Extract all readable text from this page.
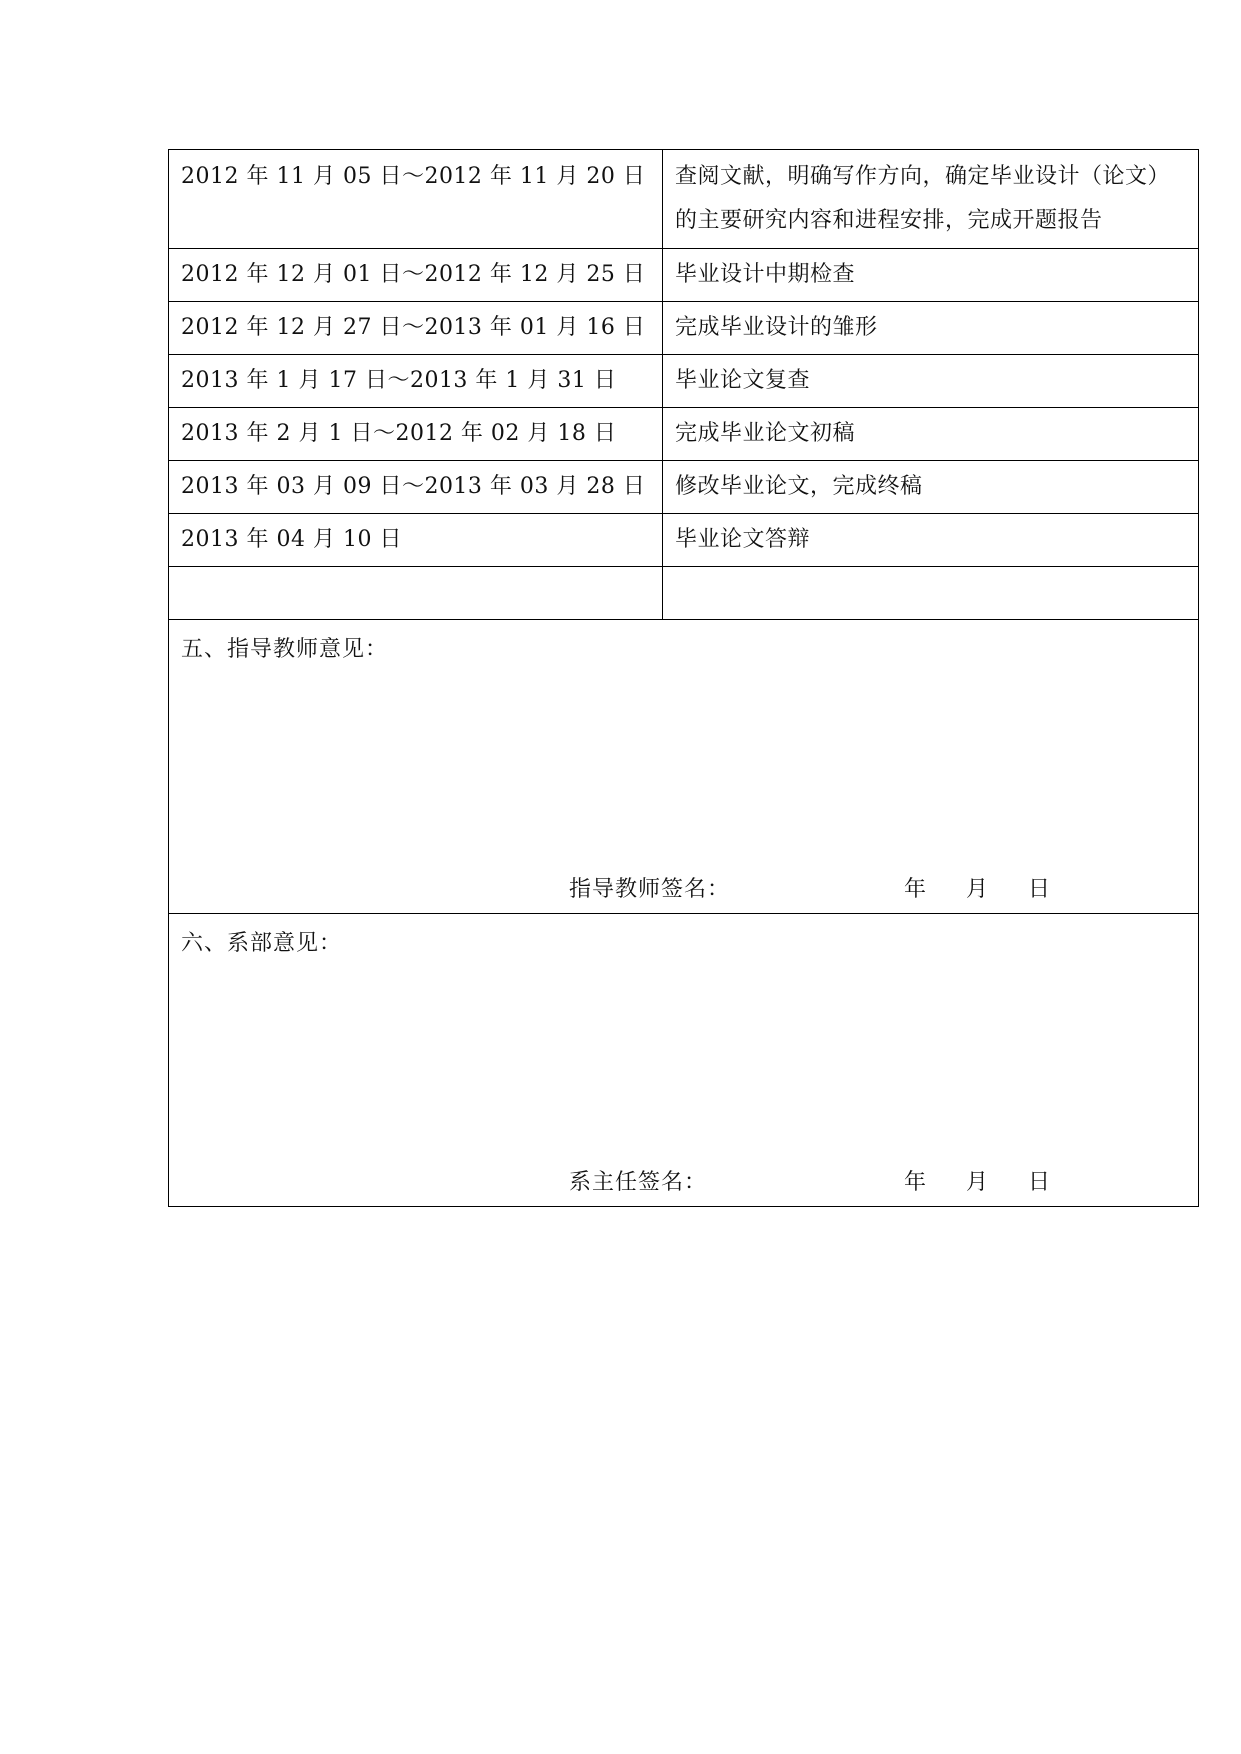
2012 年 11 月 05 日～2012 年 11 月 20 日	查阅文献，明确写作方向，确定毕业设计（论文）的主要研究内容和进程安排，完成开题报告
2012 年 12 月 01 日～2012 年 12 月 25 日	毕业设计中期检查
2012 年 12 月 27 日～2013 年 01 月 16 日	完成毕业设计的雏形
2013 年 1 月 17 日～2013 年 1 月 31 日	毕业论文复查
2013 年 2 月 1 日～2012 年 02 月 18 日	完成毕业论文初稿
2013 年 03 月 09 日～2013 年 03 月 28 日	修改毕业论文，完成终稿
2013 年 04 月 10 日	毕业论文答辩

五、指导教师意见：
指导教师签名：	年	月	日
六、系部意见：
系主任签名：	年	月	日
